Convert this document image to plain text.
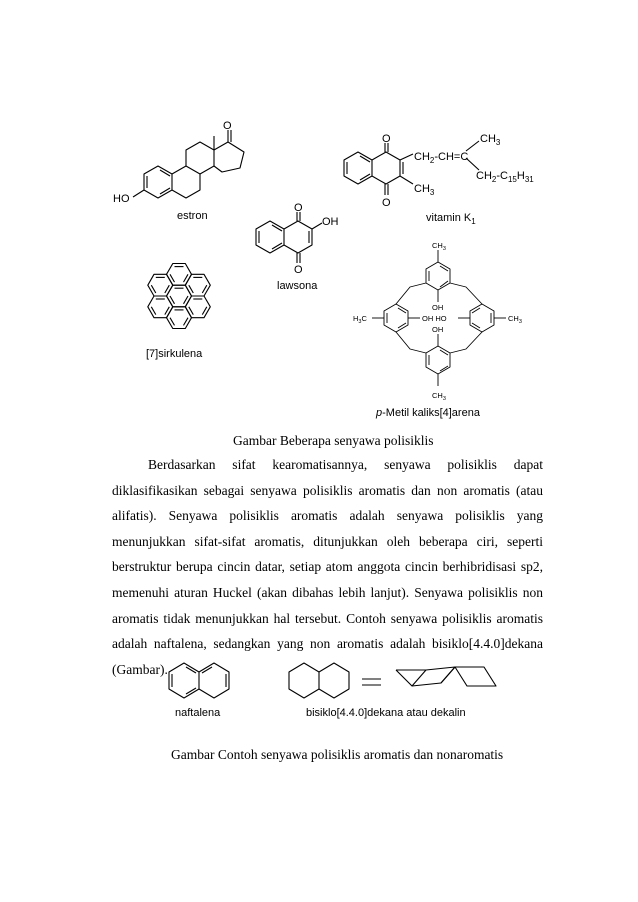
O
HO
estron
O
O
$CH_2-CH=C$
$CH_3$
$CH_2-C_{15}H_{31}$
$CH_3$
vitamin $K_1$
O
O
OH
lawsona
[7]sirkulena
$CH_3$
$CH_3$
$H_3C$	$CH_3$
OH
OH
OH HO
p-Metil kaliks[4]arena
naftalena	bisiklo[4.4.0]dekana atau dekalin
Gambar Beberapa senyawa polisiklis
Berdasarkan sifat kearomatisannya, senyawa polisiklis dapat
diklasifikasikan sebagai senyawa polisiklis aromatis dan non aromatis (atau
alifatis). Senyawa polisiklis aromatis adalah senyawa polisiklis yang
menunjukkan sifat-sifat aromatis, ditunjukkan oleh beberapa ciri, seperti
berstruktur berupa cincin datar, setiap atom anggota cincin berhibridisasi sp2,
memenuhi aturan Huckel (akan dibahas lebih lanjut). Senyawa polisiklis non
aromatis tidak menunjukkan hal tersebut. Contoh senyawa polisiklis aromatis
adalah naftalena, sedangkan yang non aromatis adalah bisiklo[4.4.0]dekana
(Gambar).
Gambar Contoh senyawa polisiklis aromatis dan nonaromatis
